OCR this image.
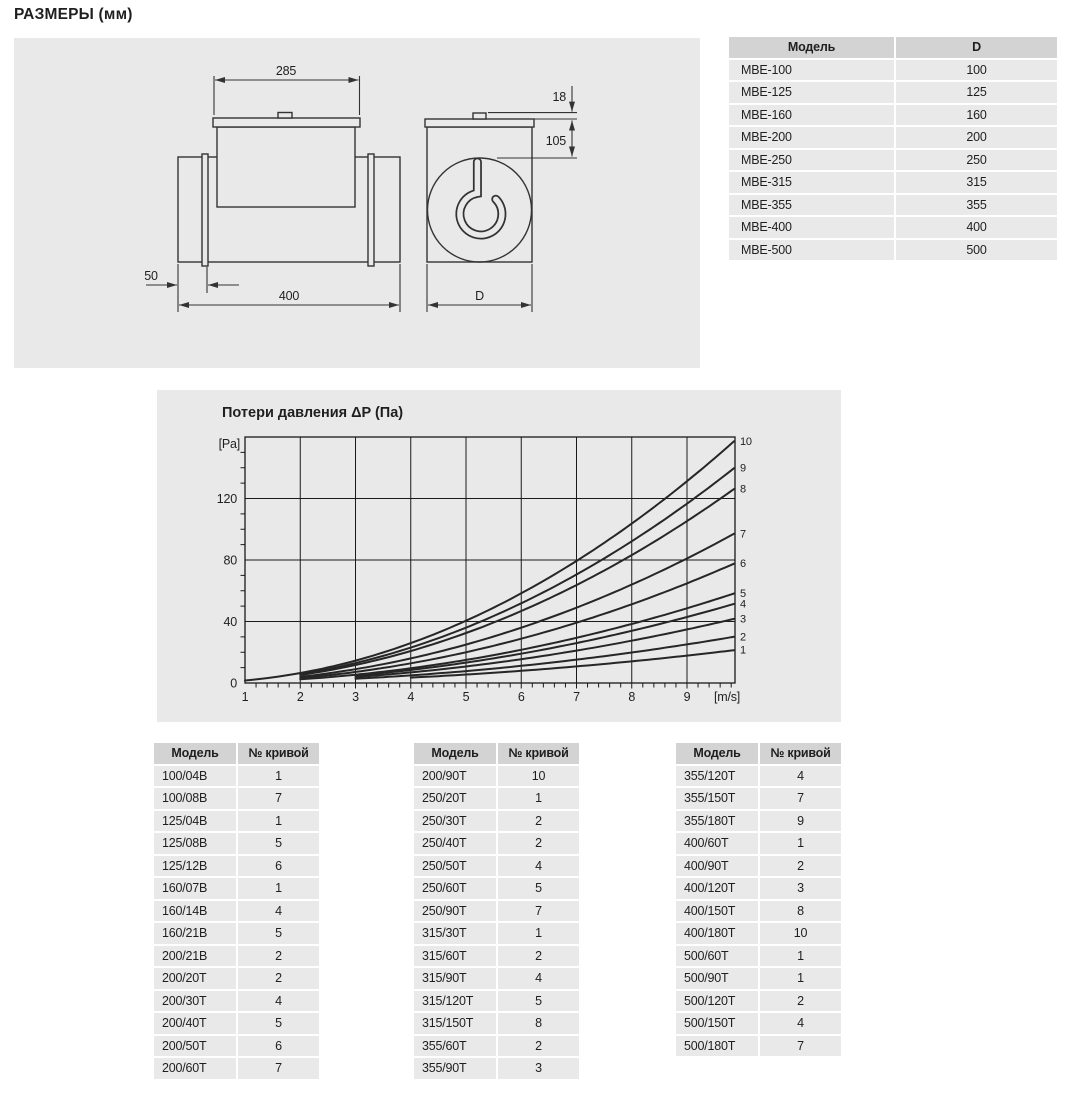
РАЗМЕРЫ (мм)
285
50
400
18
105
D
Модель	D
МВЕ-100	100
МВЕ-125	125
МВЕ-160	160
МВЕ-200	200
МВЕ-250	250
МВЕ-315	315
МВЕ-355	355
МВЕ-400	400
МВЕ-500	500
Потери давления ΔP (Па)
1	2	3	4	5	6	7	8	9 [m/s]
0
40
80
120
[Pa]
1
2
3
4
5
6
7
8
9
10
Модель	№ кривой
100/04В	1
100/08В	7
125/04В	1
125/08В	5
125/12В	6
160/07В	1
160/14В	4
160/21В	5
200/21В	2
200/20Т	2
200/30Т	4
200/40Т	5
200/50Т	6
200/60Т	7
Модель	№ кривой
200/90Т	10
250/20Т	1
250/30Т	2
250/40Т	2
250/50Т	4
250/60Т	5
250/90Т	7
315/30Т	1
315/60Т	2
315/90Т	4
315/120Т	5
315/150Т	8
355/60Т	2
355/90Т	3
Модель	№ кривой
355/120Т	4
355/150Т	7
355/180Т	9
400/60Т	1
400/90Т	2
400/120Т	3
400/150Т	8
400/180Т	10
500/60Т	1
500/90Т	1
500/120Т	2
500/150Т	4
500/180Т	7
